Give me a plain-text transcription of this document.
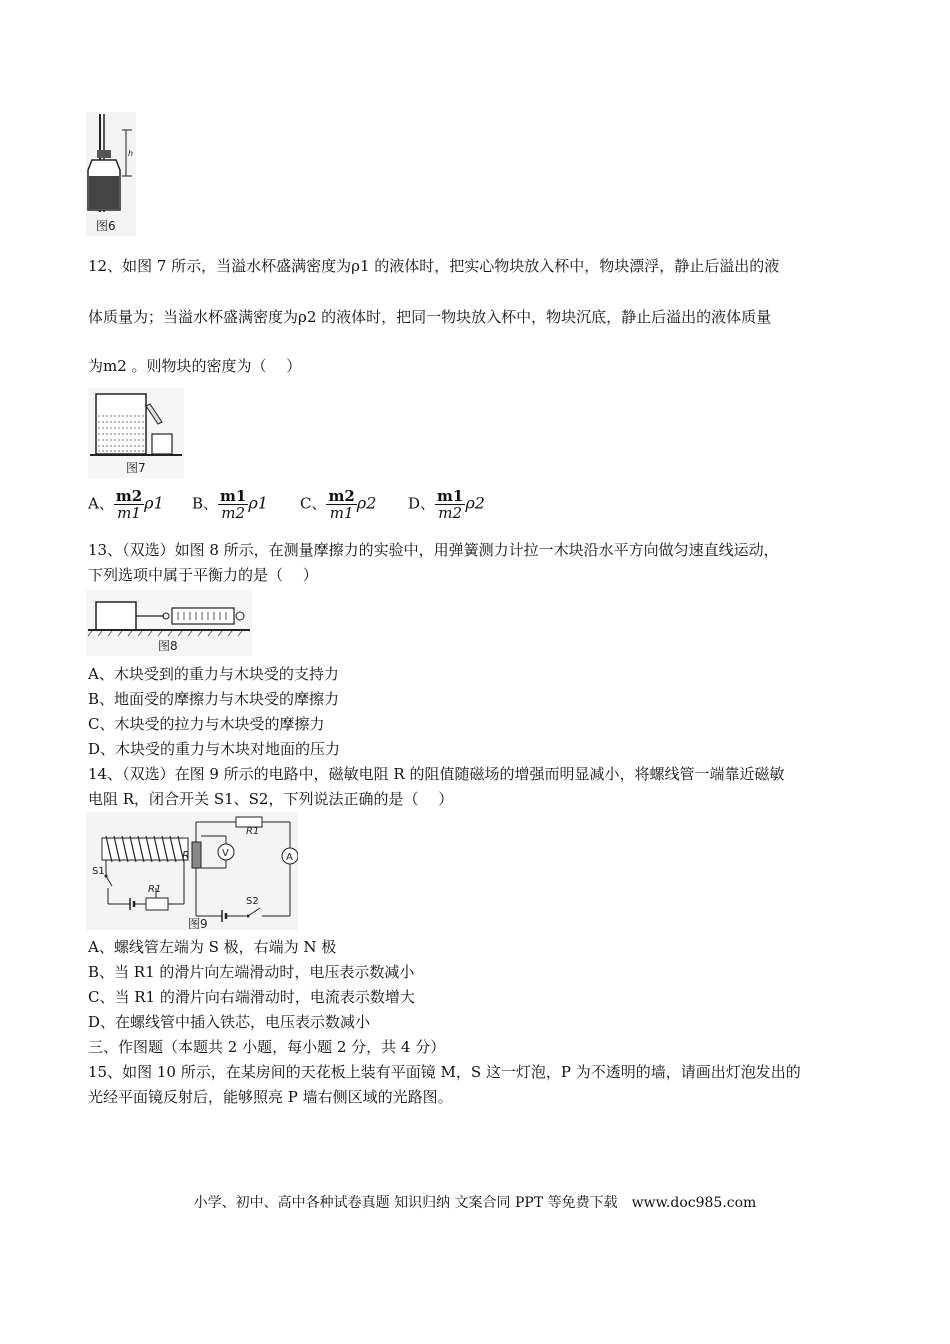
h
图6
12、如图 7 所示，当溢水杯盛满密度为ρ1 的液体时，把实心物块放入杯中，物块漂浮，静止后溢出的液
体质量为；当溢水杯盛满密度为ρ2 的液体时，把同一物块放入杯中，物块沉底，静止后溢出的液体质量
为m2 。则物块的密度为（　 ）
图7
A、 $\frac{m2}{m1} \rho 1$ B、 $\frac{m1}{m2} \rho 1$ C、 $\frac{m2}{m1} \rho 2$ D、 $\frac{m1}{m2} \rho 2$
13、（双选）如图 8 所示，在测量摩擦力的实验中，用弹簧测力计拉一木块沿水平方向做匀速直线运动，
下列选项中属于平衡力的是（　 ）
图8
A、木块受到的重力与木块受的支持力
B、地面受的摩擦力与木块受的摩擦力
C、木块受的拉力与木块受的摩擦力
D、木块受的重力与木块对地面的压力
14、（双选）在图 9 所示的电路中，磁敏电阻 R 的阻值随磁场的增强而明显减小，将螺线管一端靠近磁敏
电阻 R，闭合开关 S1、S2，下列说法正确的是（　 ）
R1
R	V	A
S1
S2
R1
图9
A、螺线管左端为 S 极，右端为 N 极
B、当 R1 的滑片向左端滑动时，电压表示数减小
C、当 R1 的滑片向右端滑动时，电流表示数增大
D、在螺线管中插入铁芯，电压表示数减小
三、作图题（本题共 2 小题，每小题 2 分，共 4 分）
15、如图 10 所示，在某房间的天花板上装有平面镜 M，S 这一灯泡，P 为不透明的墙，请画出灯泡发出的
光经平面镜反射后，能够照亮 P 墙右侧区域的光路图。
小学、初中、高中各种试卷真题 知识归纳 文案合同 PPT 等免费下载　www.doc985.com
